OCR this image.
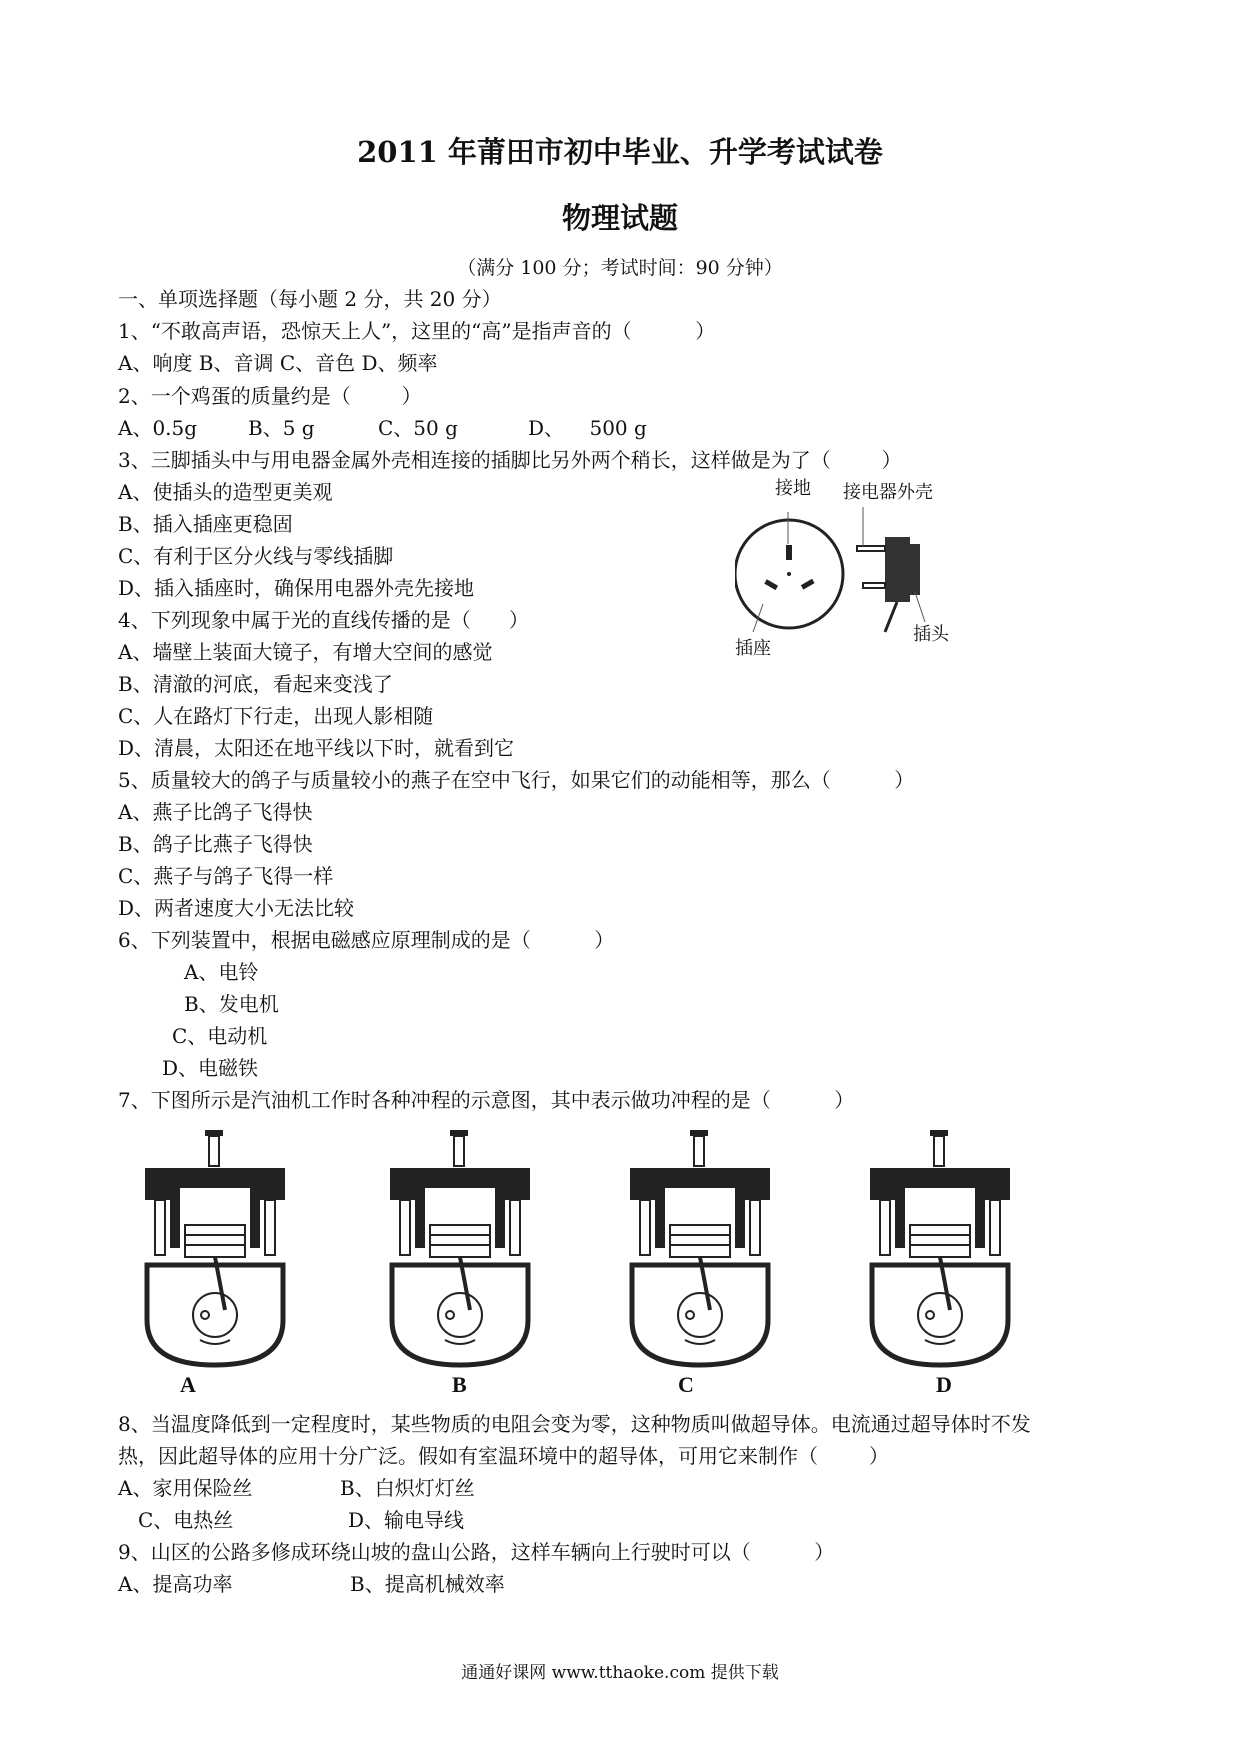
2011 年莆田市初中毕业、升学考试试卷
物理试题
（满分 100 分；考试时间：90 分钟）
一、单项选择题（每小题 2 分，共 20 分）
1、“不敢高声语，恐惊天上人”，这里的“高”是指声音的（          ）
A、响度 B、音调 C、音色 D、频率
2、一个鸡蛋的质量约是（        ）
A、0.5g	B、5 g	C、50 g	D、    500 g
3、三脚插头中与用电器金属外壳相连接的插脚比另外两个稍长，这样做是为了（        ）
A、使插头的造型更美观
B、插入插座更稳固
C、有利于区分火线与零线插脚
D、插入插座时，确保用电器外壳先接地
接地 接电器外壳
插座
插头
4、下列现象中属于光的直线传播的是（      ）
A、墙壁上装面大镜子，有增大空间的感觉
B、清澈的河底，看起来变浅了
C、人在路灯下行走，出现人影相随
D、清晨，太阳还在地平线以下时，就看到它
5、质量较大的鸽子与质量较小的燕子在空中飞行，如果它们的动能相等，那么（          ）
A、燕子比鸽子飞得快
B、鸽子比燕子飞得快
C、燕子与鸽子飞得一样
D、两者速度大小无法比较
6、下列装置中，根据电磁感应原理制成的是（          ）
A、电铃
B、发电机
C、电动机
D、电磁铁
7、下图所示是汽油机工作时各种冲程的示意图，其中表示做功冲程的是（          ）
A	B	C	D
8、当温度降低到一定程度时，某些物质的电阻会变为零，这种物质叫做超导体。电流通过超导体时不发
热，因此超导体的应用十分广泛。假如有室温环境中的超导体，可用它来制作（        ）
A、家用保险丝	B、白炽灯灯丝
C、电热丝	D、输电导线
9、山区的公路多修成环绕山坡的盘山公路，这样车辆向上行驶时可以（          ）
A、提高功率	B、提高机械效率
通通好课网 www.tthaoke.com 提供下载
